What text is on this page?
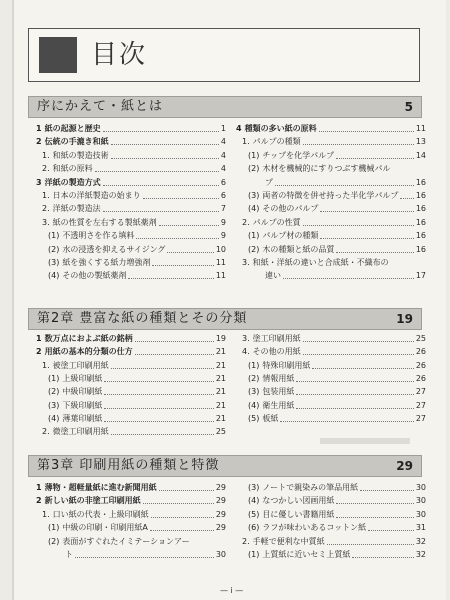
目次
序にかえて・紙とは	5
1 紙の起源と歴史	1
2 伝統の手漉き和紙	4
1. 和紙の製造技術	4
2. 和紙の原料	4
3 洋紙の製造方式	6
1. 日本の洋紙製造の始まり	6
2. 洋紙の製造法	7
3. 紙の性質を左右する製紙薬剤	9
(1) 不透明さを作る填料	9
(2) 水の浸透を抑えるサイジング	10
(3) 紙を強くする紙力増強剤	11
(4) その他の製紙薬剤	11
4 種類の多い紙の原料	11
1. パルプの種類	13
(1) チップを化学パルプ	14
(2) 木材を機械的にすりつぶす機械パル
プ	16
(3) 両者の特徴を併せ持った半化学パルプ 16
(4) その他のパルプ	16
2. パルプの性質	16
(1) パルプ材の種類	16
(2) 木の種類と紙の品質	16
3. 和紙・洋紙の違いと合成紙・不織布の
違い	17
第2章 豊富な紙の種類とその分類	19
1 数万点におよぶ紙の銘柄	19
2 用紙の基本的分類の仕方	21
1. 被塗工印刷用紙	21
(1) 上級印刷紙	21
(2) 中級印刷紙	21
(3) 下級印刷紙	21
(4) 薄葉印刷紙	21
2. 微塗工印刷用紙	25
3. 塗工印刷用紙	25
4. その他の用紙	26
(1) 特殊印刷用紙	26
(2) 情報用紙	26
(3) 包装用紙	27
(4) 衛生用紙	27
(5) 板紙	27
第3章 印刷用紙の種類と特徴	29
1 薄物・超軽量紙に進む新聞用紙	29
2 新しい紙の非塗工印刷用紙	29
1. 口い紙の代表・上級印刷紙	29
(1) 中級の印刷・印刷用紙A	29
(2) 表面がすぐれたイミテーションアー
ト	30
(3) ノートで親染みの筆品用紙	30
(4) なつかしい図画用紙	30
(5) 目に優しい書籍用紙	30
(6) ラフが味わいあるコットン紙	31
2. 手軽で便利な中質紙	32
(1) 上質紙に近いセミ上質紙	32
— i —
